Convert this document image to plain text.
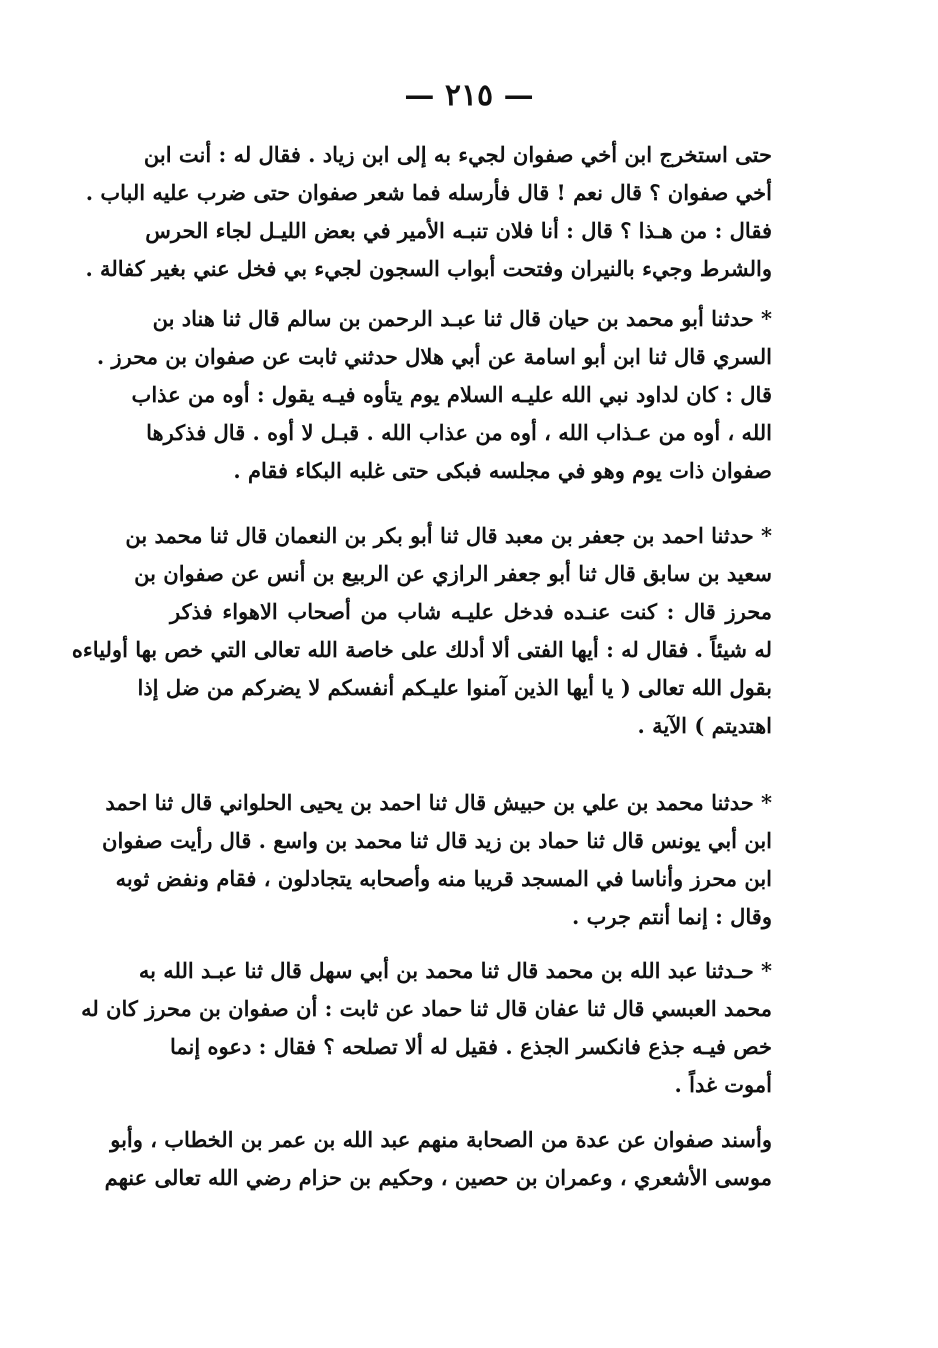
— ٢١٥ —
حتى استخرج ابن أخي صفوان لجيء به إلى ابن زياد . فقال له : أنت ابن
أخي صفوان ؟ قال نعم ! قال فأرسله فما شعر صفوان حتى ضرب عليه الباب .
فقال : من هـذا ؟ قال : أنا فلان تنبـه الأمير في بعض الليـل لجاء الحرس
والشرط وجيء بالنيران وفتحت أبواب السجون لجيء بي فخل عني بغير كفالة .
* حدثنا أبو محمد بن حيان قال ثنا عبـد الرحمن بن سالم قال ثنا هناد بن
السري قال ثنا ابن أبو اسامة عن أبي هلال حدثني ثابت عن صفوان بن محرز .
قال : كان لداود نبي الله عليـه السلام يوم يتأوه فيـه يقول : أوه من عذاب
الله ، أوه من عـذاب الله ، أوه من عذاب الله . قبـل لا أوه . قال فذكرها
صفوان ذات يوم وهو في مجلسه فبكى حتى غلبه البكاء فقام .
* حدثنا احمد بن جعفر بن معبد قال ثنا أبو بكر بن النعمان قال ثنا محمد بن
سعيد بن سابق قال ثنا أبو جعفر الرازي عن الربيع بن أنس عن صفوان بن
محرز قال : كنت عنـده فدخل عليـه شاب من أصحاب الاهواء فذكر
له شيئاً . فقال له : أيها الفتى ألا أدلك على خاصة الله تعالى التي خص بها أولياءه
بقول الله تعالى ( يا أيها الذين آمنوا عليـكم أنفسكم لا يضركم من ضل إذا
اهتديتم ) الآية .
* حدثنا محمد بن علي بن حبيش قال ثنا احمد بن يحيى الحلواني قال ثنا احمد
ابن أبي يونس قال ثنا حماد بن زيد قال ثنا محمد بن واسع . قال رأيت صفوان
ابن محرز وأناسا في المسجد قريبا منه وأصحابه يتجادلون ، فقام ونفض ثوبه
وقال : إنما أنتم جرب .
* حـدثنا عبد الله بن محمد قال ثنا محمد بن أبي سهل قال ثنا عبـد الله به
محمد العبسي قال ثنا عفان قال ثنا حماد عن ثابت : أن صفوان بن محرز كان له
خص فيـه جذع فانكسر الجذع . فقيل له ألا تصلحه ؟ فقال : دعوه إنما
أموت غداً .
وأسند صفوان عن عدة من الصحابة منهم عبد الله بن عمر بن الخطاب ، وأبو
موسى الأشعري ، وعمران بن حصين ، وحكيم بن حزام رضي الله تعالى عنهم
